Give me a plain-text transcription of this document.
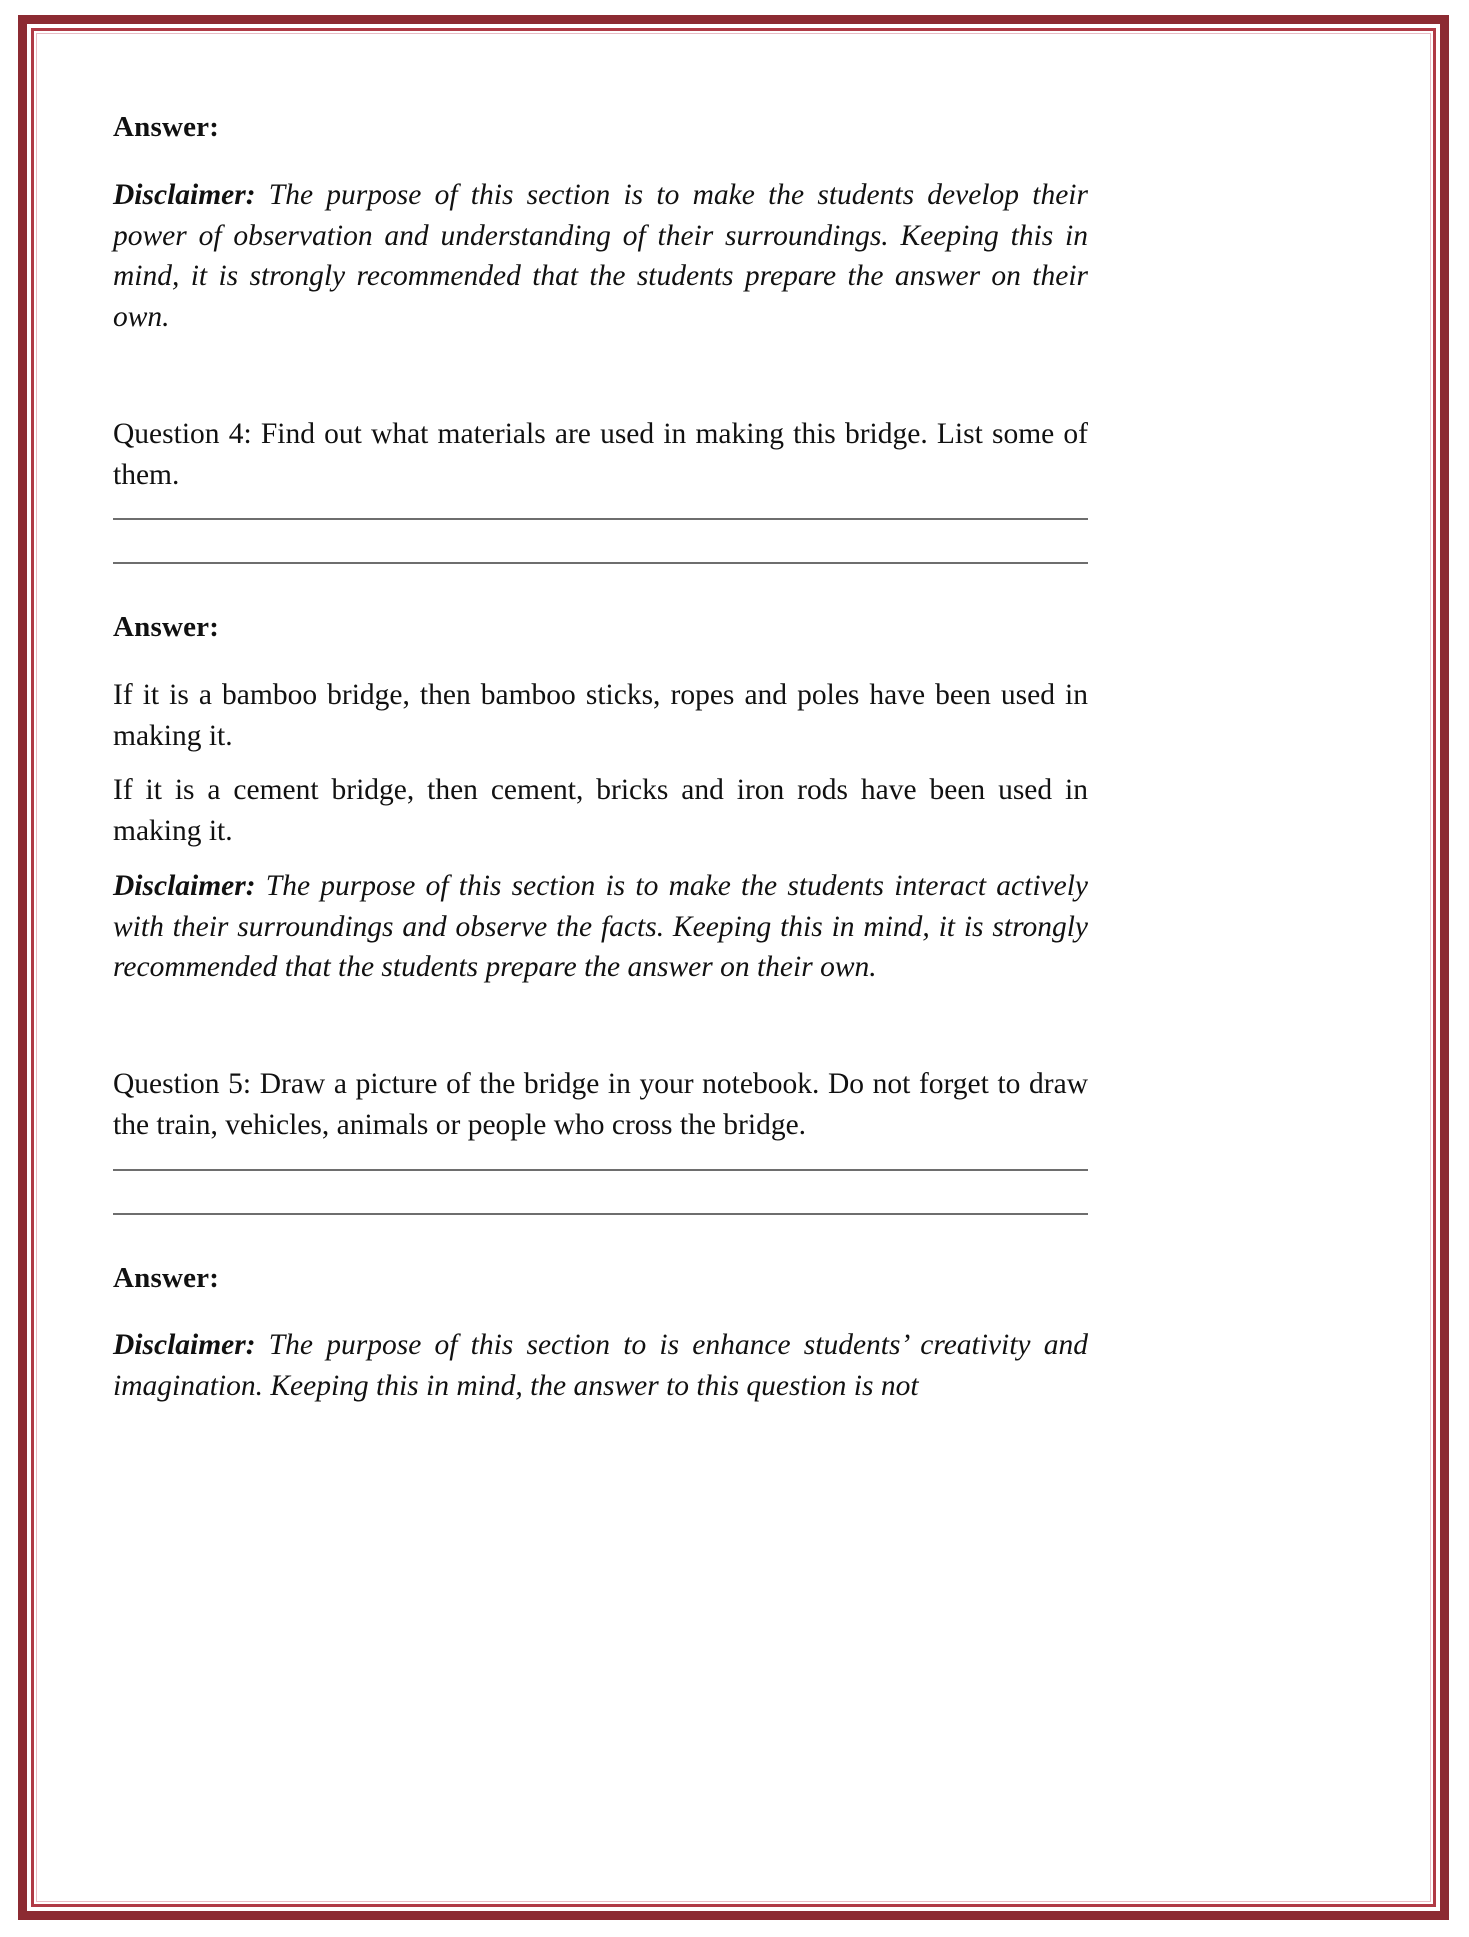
Answer:

Disclaimer: The purpose of this section is to make the students develop their power of observation and understanding of their surroundings. Keeping this in mind, it is strongly recommended that the students prepare the answer on their own.

Question 4: Find out what materials are used in making this bridge. List some of them.

Answer:

If it is a bamboo bridge, then bamboo sticks, ropes and poles have been used in making it.

If it is a cement bridge, then cement, bricks and iron rods have been used in making it.

Disclaimer: The purpose of this section is to make the students interact actively with their surroundings and observe the facts. Keeping this in mind, it is strongly recommended that the students prepare the answer on their own.

Question 5: Draw a picture of the bridge in your notebook. Do not forget to draw the train, vehicles, animals or people who cross the bridge.

Answer:

Disclaimer: The purpose of this section to is enhance students’ creativity and imagination. Keeping this in mind, the answer to this question is not
